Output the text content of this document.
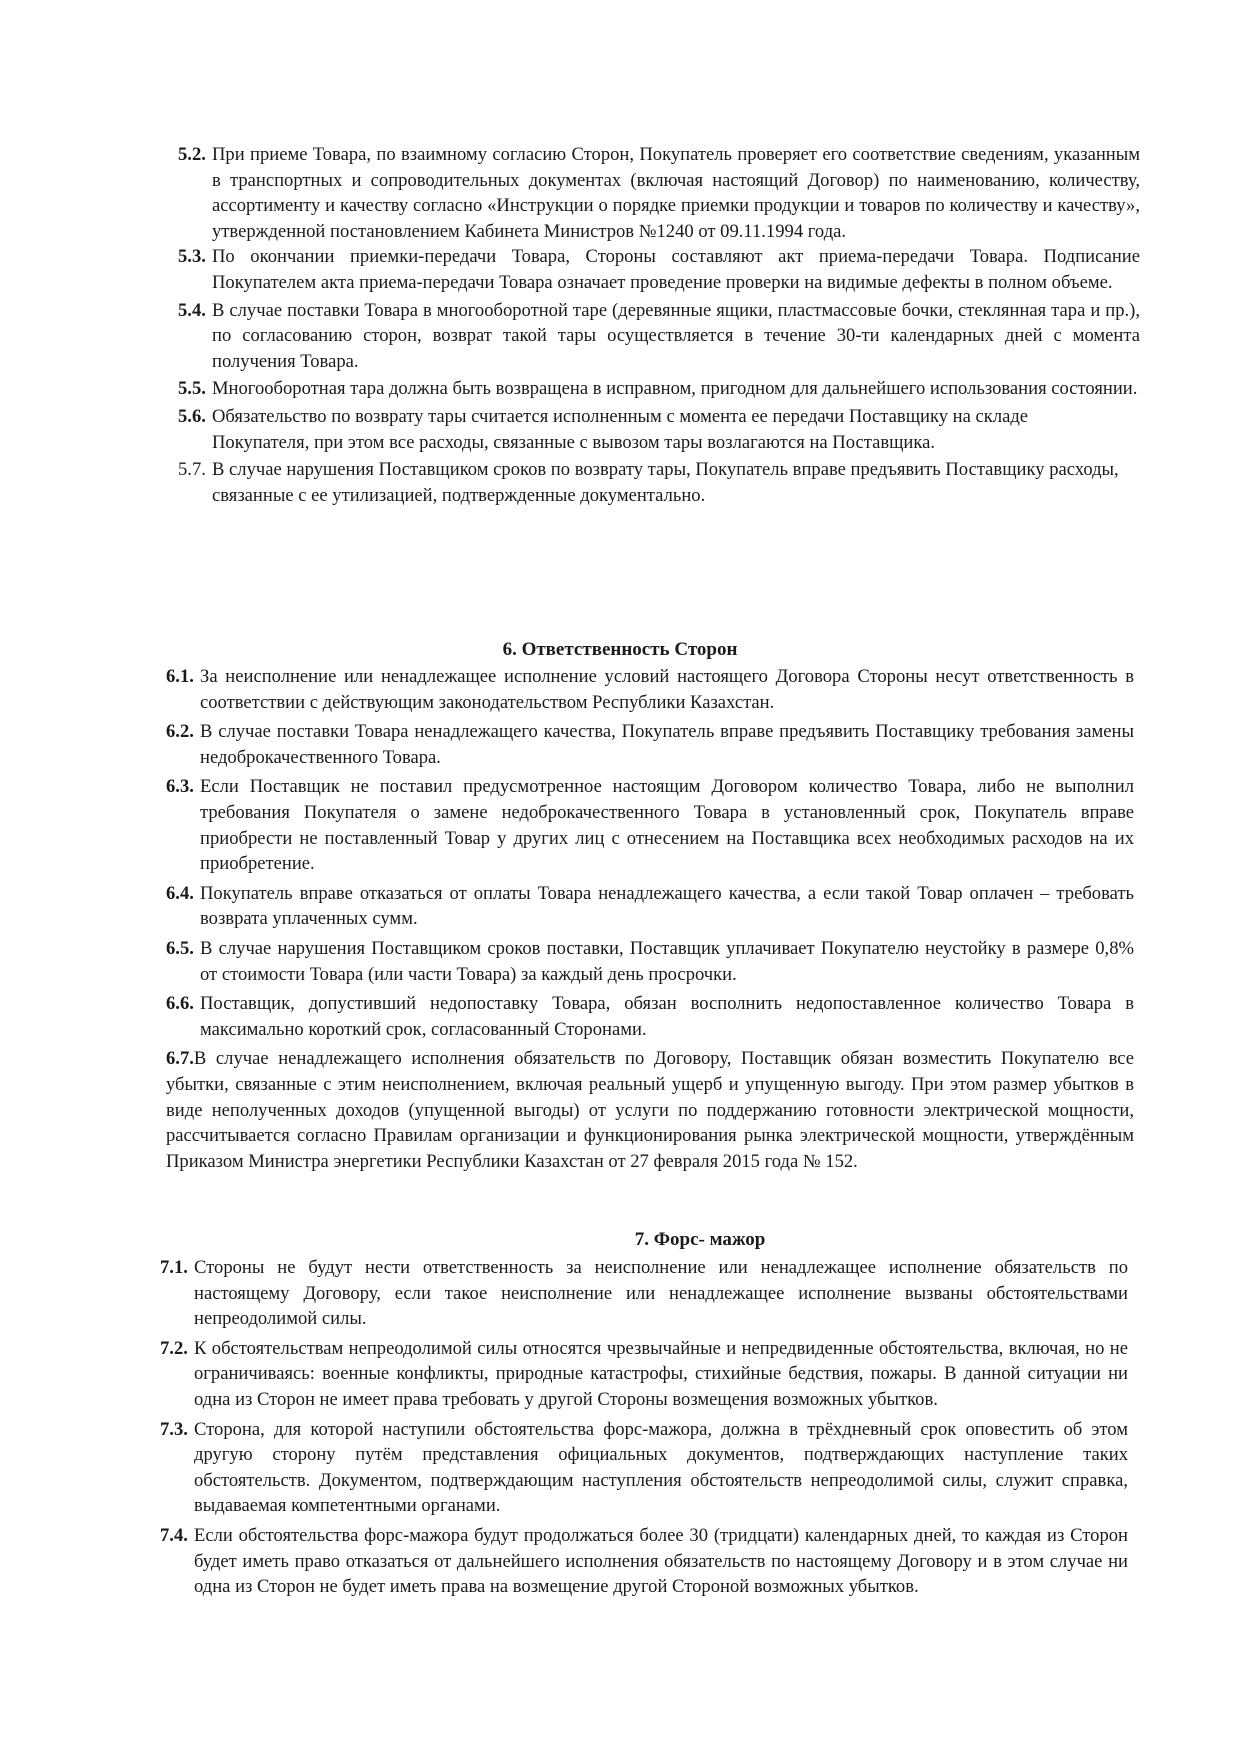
5.2. При приеме Товара, по взаимному согласию Сторон, Покупатель проверяет его соответствие сведениям, указанным в транспортных и сопроводительных документах (включая настоящий Договор) по наименованию, количеству, ассортименту и качеству согласно «Инструкции о порядке приемки продукции и товаров по количеству и качеству», утвержденной постановлением Кабинета Министров №1240 от 09.11.1994 года.

5.3. По окончании приемки-передачи Товара, Стороны составляют акт приема-передачи Товара. Подписание Покупателем акта приема-передачи Товара означает проведение проверки на видимые дефекты в полном объеме.

5.4. В случае поставки Товара в многооборотной таре (деревянные ящики, пластмассовые бочки, стеклянная тара и пр.), по согласованию сторон, возврат такой тары осуществляется в течение 30-ти календарных дней с момента получения Товара.

5.5. Многооборотная тара должна быть возвращена в исправном, пригодном для дальнейшего использования состоянии.

5.6. Обязательство по возврату тары считается исполненным с момента ее передачи Поставщику на складе Покупателя, при этом все расходы, связанные с вывозом тары возлагаются на Поставщика.

5.7. В случае нарушения Поставщиком сроков по возврату тары, Покупатель вправе предъявить Поставщику расходы, связанные с ее утилизацией, подтвержденные документально.

6. Ответственность Сторон

6.1. За неисполнение или ненадлежащее исполнение условий настоящего Договора Стороны несут ответственность в соответствии с действующим законодательством Республики Казахстан.

6.2. В случае поставки Товара ненадлежащего качества, Покупатель вправе предъявить Поставщику требования замены недоброкачественного Товара.

6.3. Если Поставщик не поставил предусмотренное настоящим Договором количество Товара, либо не выполнил требования Покупателя о замене недоброкачественного Товара в установленный срок, Покупатель вправе приобрести не поставленный Товар у других лиц с отнесением на Поставщика всех необходимых расходов на их приобретение.

6.4. Покупатель вправе отказаться от оплаты Товара ненадлежащего качества, а если такой Товар оплачен – требовать возврата уплаченных сумм.

6.5. В случае нарушения Поставщиком сроков поставки, Поставщик уплачивает Покупателю неустойку в размере 0,8% от стоимости Товара (или части Товара) за каждый день просрочки.

6.6. Поставщик, допустивший недопоставку Товара, обязан восполнить недопоставленное количество Товара в максимально короткий срок, согласованный Сторонами.

6.7.В случае ненадлежащего исполнения обязательств по Договору, Поставщик обязан возместить Покупателю все убытки, связанные с этим неисполнением, включая реальный ущерб и упущенную выгоду. При этом размер убытков в виде неполученных доходов (упущенной выгоды) от услуги по поддержанию готовности электрической мощности, рассчитывается согласно Правилам организации и функционирования рынка электрической мощности, утверждённым Приказом Министра энергетики Республики Казахстан от 27 февраля 2015 года № 152.

7. Форс- мажор

7.1. Стороны не будут нести ответственность за неисполнение или ненадлежащее исполнение обязательств по настоящему Договору, если такое неисполнение или ненадлежащее исполнение вызваны обстоятельствами непреодолимой силы.

7.2. К обстоятельствам непреодолимой силы относятся чрезвычайные и непредвиденные обстоятельства, включая, но не ограничиваясь: военные конфликты, природные катастрофы, стихийные бедствия, пожары. В данной ситуации ни одна из Сторон не имеет права требовать у другой Стороны возмещения возможных убытков.

7.3. Сторона, для которой наступили обстоятельства форс-мажора, должна в трёхдневный срок оповестить об этом другую сторону путём представления официальных документов, подтверждающих наступление таких обстоятельств. Документом, подтверждающим наступления обстоятельств непреодолимой силы, служит справка, выдаваемая компетентными органами.

7.4. Если обстоятельства форс-мажора будут продолжаться более 30 (тридцати) календарных дней, то каждая из Сторон будет иметь право отказаться от дальнейшего исполнения обязательств по настоящему Договору и в этом случае ни одна из Сторон не будет иметь права на возмещение другой Стороной возможных убытков.
